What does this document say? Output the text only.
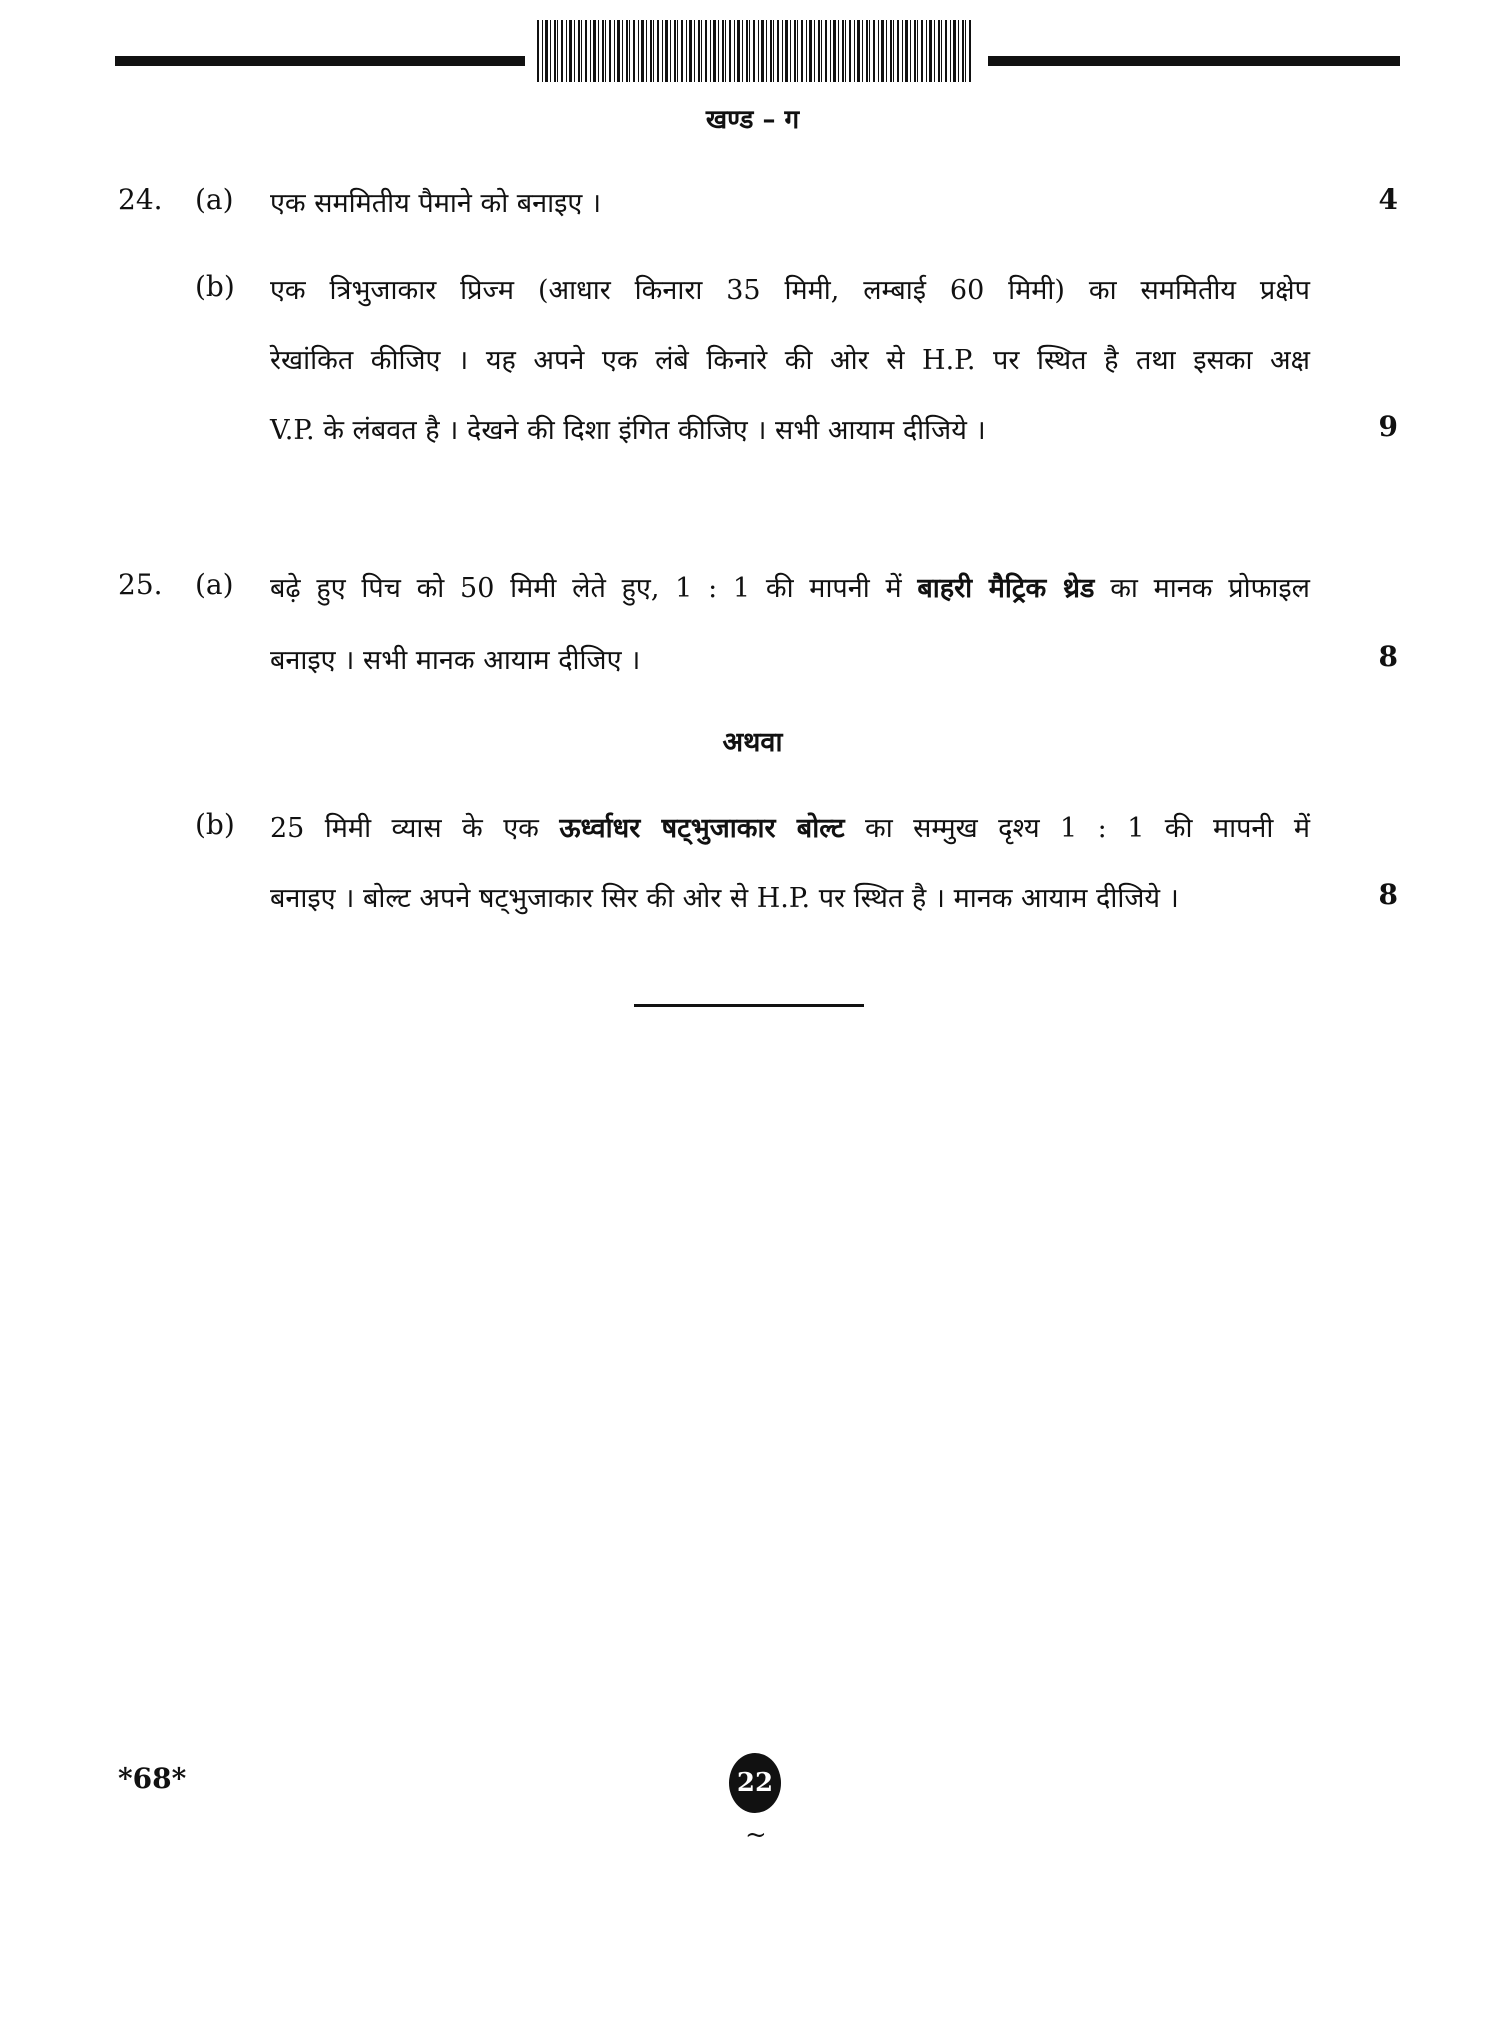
खण्ड – ग
24. (a) एक सममितीय पैमाने को बनाइए ।	4
(b) एक त्रिभुजाकार प्रिज्म (आधार किनारा 35 मिमी, लम्बाई 60 मिमी) का सममितीय प्रक्षेप
रेखांकित कीजिए । यह अपने एक लंबे किनारे की ओर से H.P. पर स्थित है तथा इसका अक्ष
V.P. के लंबवत है । देखने की दिशा इंगित कीजिए । सभी आयाम दीजिये ।	9
25. (a) बढ़े हुए पिच को 50 मिमी लेते हुए, 1 : 1 की मापनी में बाहरी मैट्रिक थ्रेड का मानक प्रोफाइल
बनाइए । सभी मानक आयाम दीजिए ।	8
अथवा
(b) 25 मिमी व्यास के एक ऊर्ध्वाधर षट्भुजाकार बोल्ट का सम्मुख दृश्य 1 : 1 की मापनी में
बनाइए । बोल्ट अपने षट्भुजाकार सिर की ओर से H.P. पर स्थित है । मानक आयाम दीजिये ।	8
*68*	22
~
